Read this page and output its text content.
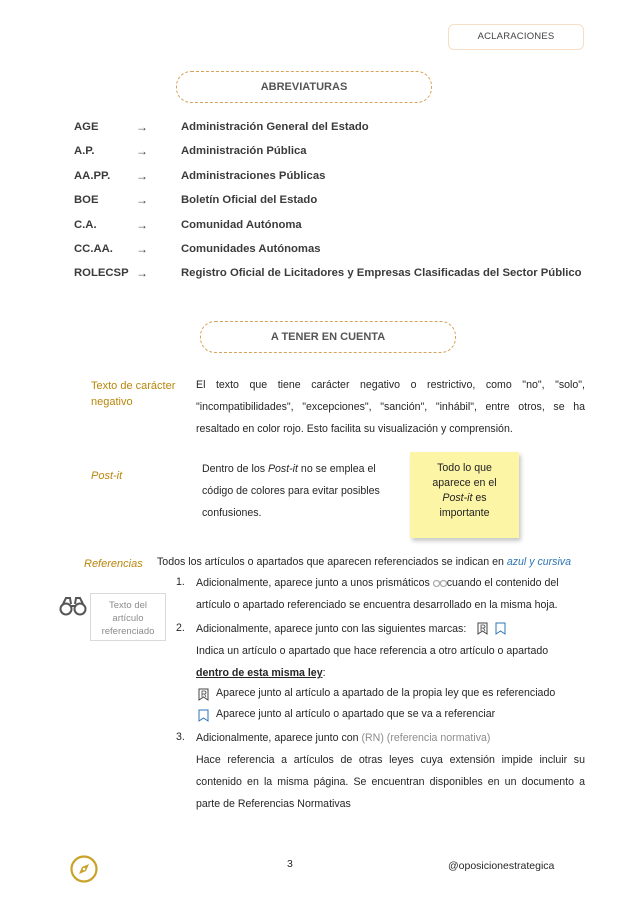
ACLARACIONES
ABREVIATURAS
AGE	→	Administración General del Estado
A.P.	→	Administración Pública
AA.PP. →	Administraciones Públicas
BOE	→	Boletín Oficial del Estado
C.A.	→	Comunidad Autónoma
CC.AA. →	Comunidades Autónomas
ROLECSP →	Registro Oficial de Licitadores y Empresas Clasificadas del Sector Público
A TENER EN CUENTA
Texto de carácter
negativo
El texto que tiene carácter negativo o restrictivo, como "no", "solo",
"incompatibilidades", "excepciones", "sanción", "inhábil", entre otros, se ha
resaltado en color rojo. Esto facilita su visualización y comprensión.
Post-it
Dentro de los Post-it no se emplea el
código de colores para evitar posibles
confusiones.
Todo lo que
aparece en el
Post-it es
importante
Referencias Todos los artículos o apartados que aparecen referenciados se indican en azul y cursiva
Texto del
artículo
referenciado
1. Adicionalmente, aparece junto a unos prismáticos cuando el contenido del
artículo o apartado referenciado se encuentra desarrollado en la misma hoja.
2. Adicionalmente, aparece junto con las siguientes marcas:
Indica un artículo o apartado que hace referencia a otro artículo o apartado
dentro de esta misma ley:
Aparece junto al artículo a apartado de la propia ley que es referenciado
Aparece junto al artículo o apartado que se va a referenciar
3. Adicionalmente, aparece junto con (RN) (referencia normativa)
Hace referencia a artículos de otras leyes cuya extensión impide incluir su
contenido en la misma página. Se encuentran disponibles en un documento a
parte de Referencias Normativas
3	@oposicionestrategica
